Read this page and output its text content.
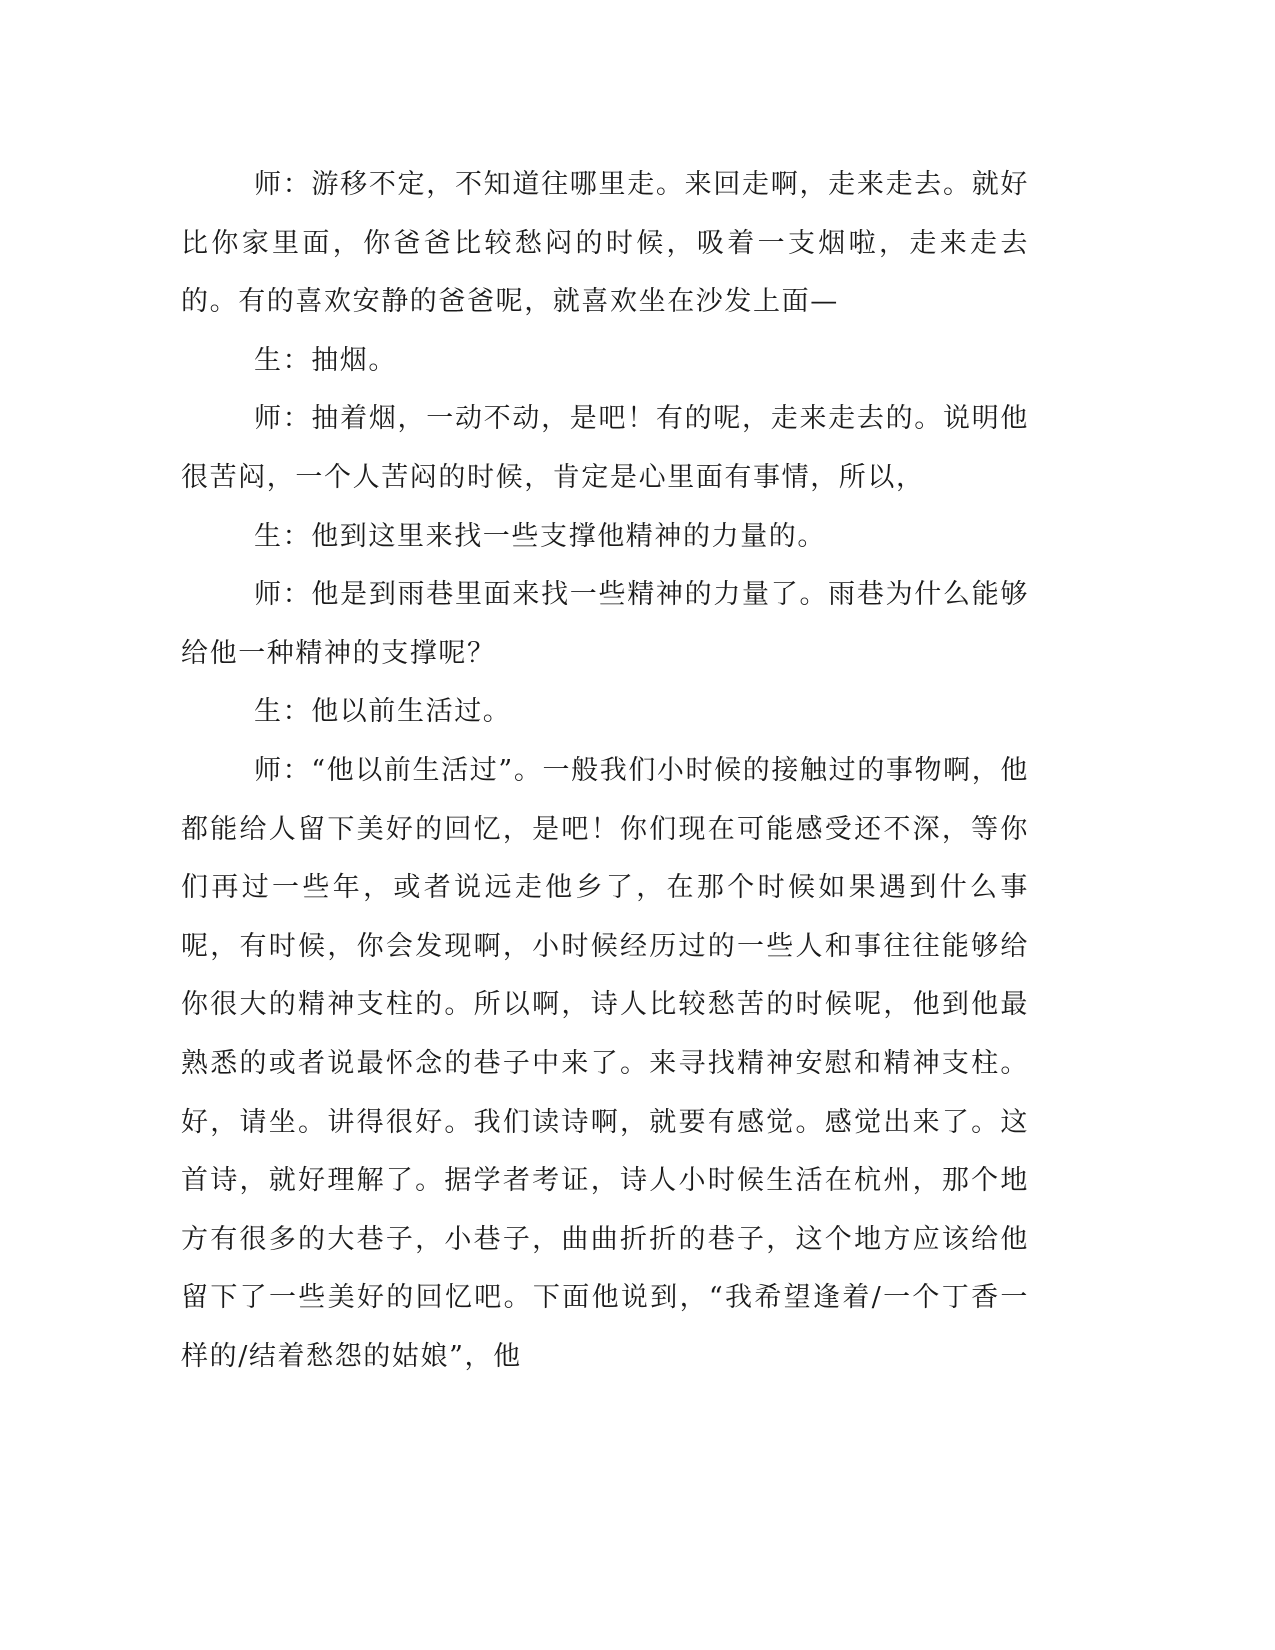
师：游移不定，不知道往哪里走。来回走啊，走来走去。就好比你家里面，你爸爸比较愁闷的时候，吸着一支烟啦，走来走去的。有的喜欢安静的爸爸呢，就喜欢坐在沙发上面—

生：抽烟。

师：抽着烟，一动不动，是吧！有的呢，走来走去的。说明他很苦闷，一个人苦闷的时候，肯定是心里面有事情，所以，

生：他到这里来找一些支撑他精神的力量的。

师：他是到雨巷里面来找一些精神的力量了。雨巷为什么能够给他一种精神的支撑呢？

生：他以前生活过。

师：“他以前生活过”。一般我们小时候的接触过的事物啊，他都能给人留下美好的回忆，是吧！你们现在可能感受还不深，等你们再过一些年，或者说远走他乡了，在那个时候如果遇到什么事呢，有时候，你会发现啊，小时候经历过的一些人和事往往能够给你很大的精神支柱的。所以啊，诗人比较愁苦的时候呢，他到他最熟悉的或者说最怀念的巷子中来了。来寻找精神安慰和精神支柱。好，请坐。讲得很好。我们读诗啊，就要有感觉。感觉出来了。这首诗，就好理解了。据学者考证，诗人小时候生活在杭州，那个地方有很多的大巷子，小巷子，曲曲折折的巷子，这个地方应该给他留下了一些美好的回忆吧。下面他说到，“我希望逢着/一个丁香一样的/结着愁怨的姑娘”，他
